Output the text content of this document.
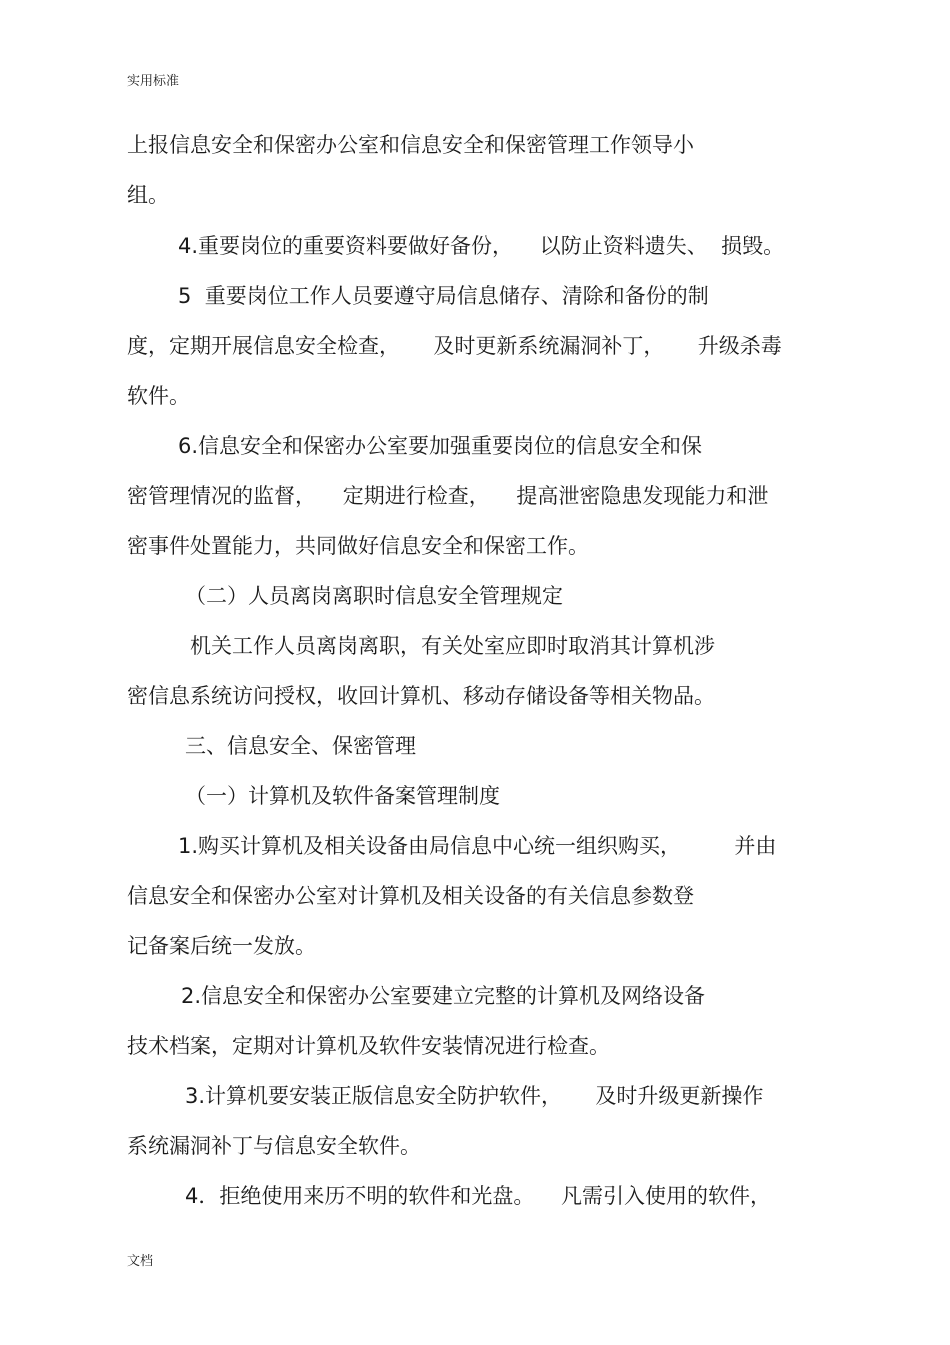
实用标准
上报信息安全和保密办公室和信息安全和保密管理工作领导小
组。
4.重要岗位的重要资料要做好备份，    以防止资料遗失、  损毁。
5  重要岗位工作人员要遵守局信息储存、清除和备份的制
度，定期开展信息安全检查，     及时更新系统漏洞补丁，     升级杀毒
软件。
6.信息安全和保密办公室要加强重要岗位的信息安全和保
密管理情况的监督，    定期进行检查，    提高泄密隐患发现能力和泄
密事件处置能力，共同做好信息安全和保密工作。
（二）人员离岗离职时信息安全管理规定
机关工作人员离岗离职，有关处室应即时取消其计算机涉
密信息系统访问授权，收回计算机、移动存储设备等相关物品。
三、信息安全、保密管理
（一）计算机及软件备案管理制度
1.购买计算机及相关设备由局信息中心统一组织购买，        并由
信息安全和保密办公室对计算机及相关设备的有关信息参数登
记备案后统一发放。
2.信息安全和保密办公室要建立完整的计算机及网络设备
技术档案，定期对计算机及软件安装情况进行检查。
3.计算机要安装正版信息安全防护软件，     及时升级更新操作
系统漏洞补丁与信息安全软件。
4．拒绝使用来历不明的软件和光盘。    凡需引入使用的软件，
文档
